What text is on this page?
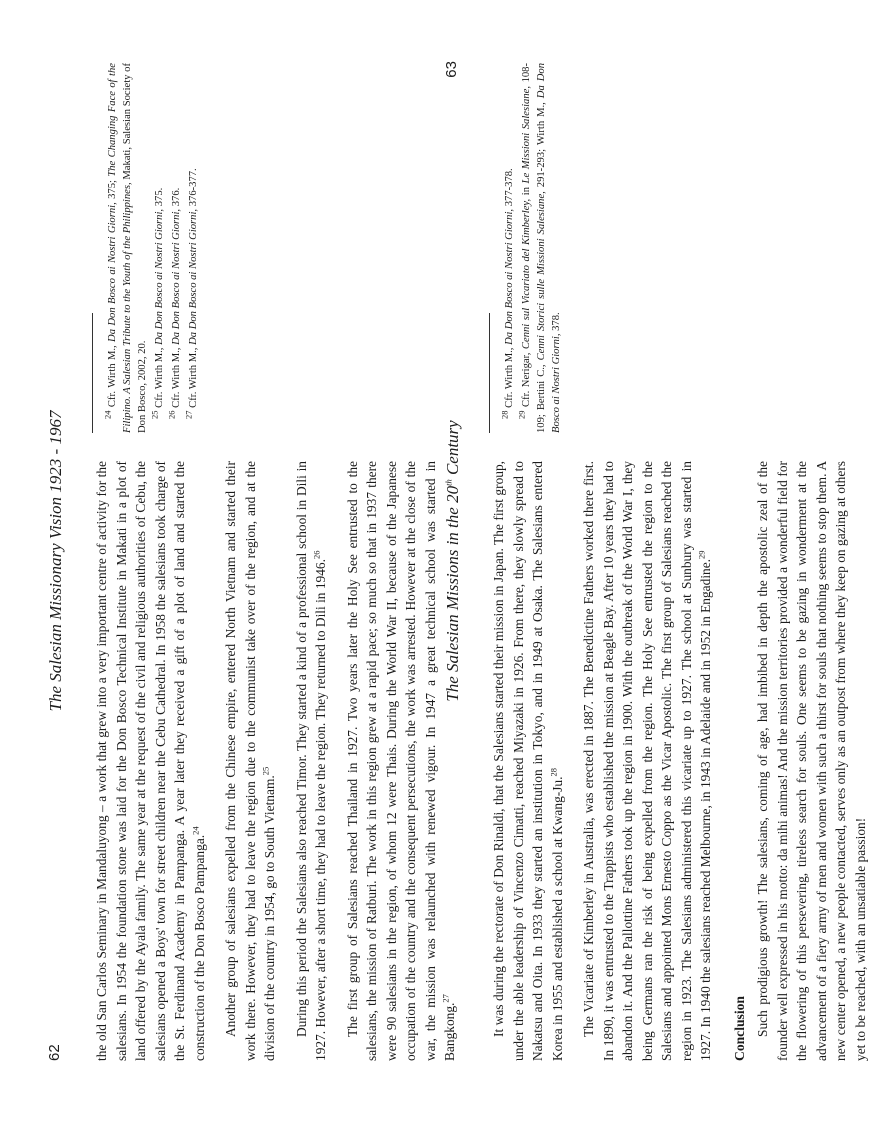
62
The Salesian Missionary Vision 1923 - 1967 the old San Carlos Seminary in Mandaluyong – a work that grew into a very important centre of activity for the salesians. In 1954 the foundation stone was laid for the Don Bosco Technical Institute in Makati in a plot of land offered by the Ayala family. The same year at the request of the civil and religious authorities of Cebu, the salesians opened a Boys' town for street children near the Cebu Cathedral. In 1958 the salesians took charge of the St. Ferdinand Academy in Pampanga. A year later they received a gift of a plot of land and started the construction of the Don Bosco Pampanga.$^{24}$	Another group of salesians expelled from the Chinese empire, entered North Vietnam and started their work there. However, they had to leave the region due to the communist take over of the region, and at the division of the country in 1954, go to South Vietnam.$^{25}$	During this period the Salesians also reached Timor. They started a kind of a professional school in Dili in 1927. However, after a short time, they had to leave the region. They returned to Dili in 1946.26	The first group of Salesians reached Thailand in 1927. Two years later the Holy See entrusted to the salesians, the mission of Ratburi. The work in this region grew at a rapid pace; so much so that in 1937 there were 90 salesians in the region, of whom 12 were Thais. During the World War II, because of the Japanese occupation of the country and the consequent persecutions, the work was arrested. However at the close of the war, the mission was relaunched with renewed vigour. In 1947 a great technical school was started in Bangkong.$^{27}$

$^{24}$ Cfr. Wirth M., Da Don Bosco ai Nostri Giorni, 375; The Changing Face of the Filipino. A Salesian Tribute to the Youth of the Philippines, Makati, Salesian Society of Don Bosco, 2002, 20. $^{25}$ Cfr. Wirth M., Da Don Bosco ai Nostri Giorni, 375.
$^{26}$ Cfr. Wirth M., Da Don Bosco ai Nostri Giorni, 376.
$^{27}$ Cfr. Wirth M., Da Don Bosco ai Nostri Giorni, 376-377.
The Salesian Missions in the 20th Century
63

It was during the rectorate of Don Rinaldi, that the Salesians started their mission in Japan. The first group, under the able leadership of Vincenzo Cimatti, reached Miyazaki in 1926. From there, they slowly spread to Nakatsu and Oita. In 1933 they started an institution in Tokyo, and in 1949 at Osaka. The Salesians entered Korea in 1955 and established a school at Kwang-Ju.$^{28}$	The Vicariate of Kimberley in Australia, was erected in 1887. The Benedictine Fathers worked there first. In 1890, it was entrusted to the Trappists who established the mission at Beagle Bay. After 10 years they had to abandon it. And the Pallottine Fathers took up the region in 1900. With the outbreak of the World War I, they being Germans ran the risk of being expelled from the region. The Holy See entrusted the region to the Salesians and appointed Mons Ernesto Coppo as the Vicar Apostolic. The first group of Salesians reached the region in 1923. The Salesians administered this vicariate up to 1927. The school at Sunbury was started in 1927. In 1940 the salesians reached Melbourne, in 1943 in Adelaide and in 1952 in Engadine.$^{29}$

Conclusion Such prodigious growth! The salesians, coming of age, had imbibed in depth the apostolic zeal of the founder well expressed in his motto: da mihi animas! And the mission territories provided a wonderful field for the flowering of this persevering, tireless search for souls. One seems to be gazing in wonderment at the advancement of a fiery army of men and women with such a thirst for souls that nothing seems to stop them. A new center opened, a new people contacted, serves only as an outpost from where they keep on gazing at others yet to be reached, with an unsatiable passion!

$^{28}$ Cfr. Wirth M., Da Don Bosco ai Nostri Giorni, 377-378.
$^{29}$ Cfr. Nerigar, Cenni sul Vicariato del Kimberley, in Le Missioni Salesiane, 108-109; Bertini C., Cenni Storici sulle Missioni Salesiane, 291-293; Wirth M., Da Don Bosco ai Nostri Giorni, 378.
